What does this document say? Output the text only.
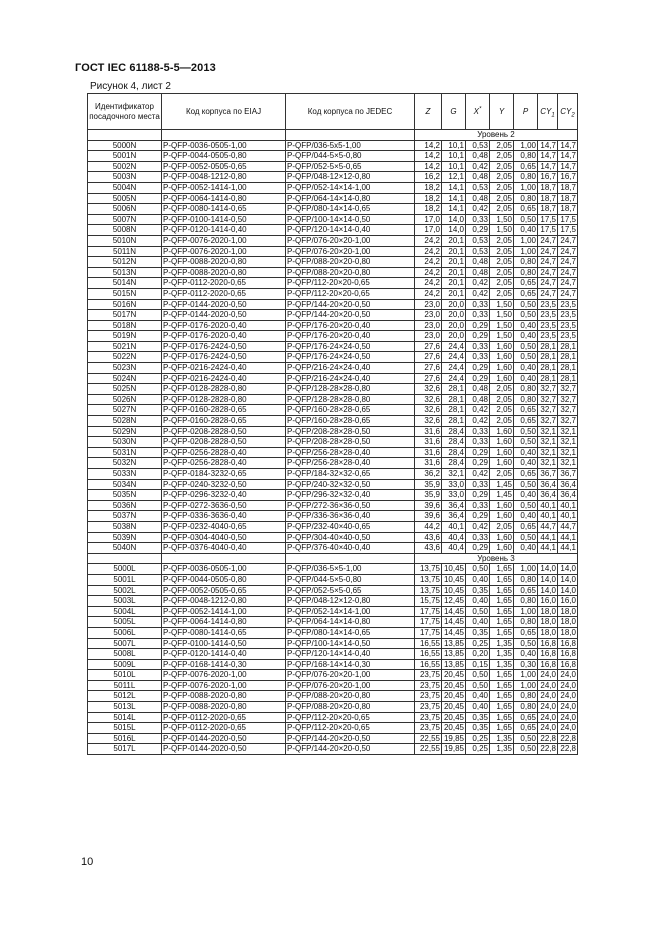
ГОСТ IEC 61188-5-5—2013
Рисунок 4, лист 2
Идентификатор посадочного места	Код корпуса по EIAJ	Код корпуса по JEDEC	Z	G	X*	Y	P	$CY_1$	$CY_2$
			Уровень 2						
5000N	P-QFP-0036-0505-1,00	P-QFP/036-5x5-1,00	14,2	10,1	0,53	2,05	1,00	14,7	14,7
5001N	P-QFP-0044-0505-0,80	P-QFP/044-5×5-0,80	14,2	10,1	0,48	2,05	0,80	14,7	14,7
5002N	P-QFP-0052-0505-0,65	P-QFP/052-5×5-0,65	14,2	10,1	0,42	2,05	0,65	14,7	14,7
5003N	P-QFP-0048-1212-0,80	P-QFP/048-12×12-0,80	16,2	12,1	0,48	2,05	0,80	16,7	16,7
5004N	P-QFP-0052-1414-1,00	P-QFP/052-14×14-1,00	18,2	14,1	0,53	2,05	1,00	18,7	18,7
5005N	P-QFP-0064-1414-0,80	P-QFP/064-14×14-0,80	18,2	14,1	0,48	2,05	0,80	18,7	18,7
5006N	P-QFP-0080-1414-0,65	P-QFP/080-14×14-0,65	18,2	14,1	0,42	2,05	0,65	18,7	18,7
5007N	P-QFP-0100-1414-0,50	P-QFP/100-14×14-0,50	17,0	14,0	0,33	1,50	0,50	17,5	17,5
5008N	P-QFP-0120-1414-0,40	P-QFP/120-14×14-0,40	17,0	14,0	0,29	1,50	0,40	17,5	17,5
5010N	P-QFP-0076-2020-1,00	P-QFP/076-20×20-1,00	24,2	20,1	0,53	2,05	1,00	24,7	24,7
5011N	P-QFP-0076-2020-1,00	P-QFP/076-20×20-1,00	24,2	20,1	0,53	2,05	1,00	24,7	24,7
5012N	P-QFP-0088-2020-0,80	P-QFP/088-20×20-0,80	24,2	20,1	0,48	2,05	0,80	24,7	24,7
5013N	P-QFP-0088-2020-0,80	P-QFP/088-20×20-0,80	24,2	20,1	0,48	2,05	0,80	24,7	24,7
5014N	P-QFP-0112-2020-0,65	P-QFP/112-20×20-0,65	24,2	20,1	0,42	2,05	0,65	24,7	24,7
5015N	P-QFP-0112-2020-0,65	P-QFP/112-20×20-0,65	24,2	20,1	0,42	2,05	0,65	24,7	24,7
5016N	P-QFP-0144-2020-0,50	P-QFP/144-20×20-0,50	23,0	20,0	0,33	1,50	0,50	23,5	23,5
5017N	P-QFP-0144-2020-0,50	P-QFP/144-20×20-0,50	23,0	20,0	0,33	1,50	0,50	23,5	23,5
5018N	P-QFP-0176-2020-0,40	P-QFP/176-20×20-0,40	23,0	20,0	0,29	1,50	0,40	23,5	23,5
5019N	P-QFP-0176-2020-0,40	P-QFP/176-20×20-0,40	23,0	20,0	0,29	1,50	0,40	23,5	23,5
5021N	P-QFP-0176-2424-0,50	P-QFP/176-24×24-0,50	27,6	24,4	0,33	1,60	0,50	28,1	28,1
5022N	P-QFP-0176-2424-0,50	P-QFP/176-24×24-0,50	27,6	24,4	0,33	1,60	0,50	28,1	28,1
5023N	P-QFP-0216-2424-0,40	P-QFP/216-24×24-0,40	27,6	24,4	0,29	1,60	0,40	28,1	28,1
5024N	P-QFP-0216-2424-0,40	P-QFP/216-24×24-0,40	27,6	24,4	0,29	1,60	0,40	28,1	28,1
5025N	P-QFP-0128-2828-0,80	P-QFP/128-28×28-0,80	32,6	28,1	0,48	2,05	0,80	32,7	32,7
5026N	P-QFP-0128-2828-0,80	P-QFP/128-28×28-0,80	32,6	28,1	0,48	2,05	0,80	32,7	32,7
5027N	P-QFP-0160-2828-0,65	P-QFP/160-28×28-0,65	32,6	28,1	0,42	2,05	0,65	32,7	32,7
5028N	P-QFP-0160-2828-0,65	P-QFP/160-28×28-0,65	32,6	28,1	0,42	2,05	0,65	32,7	32,7
5029N	P-QFP-0208-2828-0,50	P-QFP/208-28×28-0,50	31,6	28,4	0,33	1,60	0,50	32,1	32,1
5030N	P-QFP-0208-2828-0,50	P-QFP/208-28×28-0,50	31,6	28,4	0,33	1,60	0,50	32,1	32,1
5031N	P-QFP-0256-2828-0,40	P-QFP/256-28×28-0,40	31,6	28,4	0,29	1,60	0,40	32,1	32,1
5032N	P-QFP-0256-2828-0,40	P-QFP/256-28×28-0,40	31,6	28,4	0,29	1,60	0,40	32,1	32,1
5033N	P-QFP-0184-3232-0,65	P-QFP/184-32×32-0,65	36,2	32,1	0,42	2,05	0,65	36,7	36,7
5034N	P-QFP-0240-3232-0,50	P-QFP/240-32×32-0,50	35,9	33,0	0,33	1,45	0,50	36,4	36,4
5035N	P-QFP-0296-3232-0,40	P-QFP/296-32×32-0,40	35,9	33,0	0,29	1,45	0,40	36,4	36,4
5036N	P-QFP-0272-3636-0,50	P-QFP/272-36×36-0,50	39,6	36,4	0,33	1,60	0,50	40,1	40,1
5037N	P-QFP-0336-3636-0,40	P-QFP/336-36×36-0,40	39,6	36,4	0,29	1,60	0,40	40,1	40,1
5038N	P-QFP-0232-4040-0,65	P-QFP/232-40×40-0,65	44,2	40,1	0,42	2,05	0,65	44,7	44,7
5039N	P-QFP-0304-4040-0,50	P-QFP/304-40×40-0,50	43,6	40,4	0,33	1,60	0,50	44,1	44,1
5040N	P-QFP-0376-4040-0,40	P-QFP/376-40×40-0,40	43,6	40,4	0,29	1,60	0,40	44,1	44,1
			Уровень 3						
5000L	P-QFP-0036-0505-1,00	P-QFP/036-5×5-1,00	13,75	10,45	0,50	1,65	1,00	14,0	14,0
5001L	P-QFP-0044-0505-0,80	P-QFP/044-5×5-0,80	13,75	10,45	0,40	1,65	0,80	14,0	14,0
5002L	P-QFP-0052-0505-0,65	P-QFP/052-5×5-0,65	13,75	10,45	0,35	1,65	0,65	14,0	14,0
5003L	P-QFP-0048-1212-0,80	P-QFP/048-12×12-0,80	15,75	12,45	0,40	1,65	0,80	16,0	16,0
5004L	P-QFP-0052-1414-1,00	P-QFP/052-14×14-1,00	17,75	14,45	0,50	1,65	1,00	18,0	18,0
5005L	P-QFP-0064-1414-0,80	P-QFP/064-14×14-0,80	17,75	14,45	0,40	1,65	0,80	18,0	18,0
5006L	P-QFP-0080-1414-0,65	P-QFP/080-14×14-0,65	17,75	14,45	0,35	1,65	0,65	18,0	18,0
5007L	P-QFP-0100-1414-0,50	P-QFP/100-14×14-0,50	16,55	13,85	0,25	1,35	0,50	16,8	16,8
5008L	P-QFP-0120-1414-0,40	P-QFP/120-14×14-0,40	16,55	13,85	0,20	1,35	0,40	16,8	16,8
5009L	P-QFP-0168-1414-0,30	P-QFP/168-14×14-0,30	16,55	13,85	0,15	1,35	0,30	16,8	16,8
5010L	P-QFP-0076-2020-1,00	P-QFP/076-20×20-1,00	23,75	20,45	0,50	1,65	1,00	24,0	24,0
5011L	P-QFP-0076-2020-1,00	P-QFP/076-20×20-1,00	23,75	20,45	0,50	1,65	1,00	24,0	24,0
5012L	P-QFP-0088-2020-0,80	P-QFP/088-20×20-0,80	23,75	20,45	0,40	1,65	0,80	24,0	24,0
5013L	P-QFP-0088-2020-0,80	P-QFP/088-20×20-0,80	23,75	20,45	0,40	1,65	0,80	24,0	24,0
5014L	P-QFP-0112-2020-0,65	P-QFP/112-20×20-0,65	23,75	20,45	0,35	1,65	0,65	24,0	24,0
5015L	P-QFP-0112-2020-0,65	P-QFP/112-20×20-0,65	23,75	20,45	0,35	1,65	0,65	24,0	24,0
5016L	P-QFP-0144-2020-0,50	P-QFP/144-20×20-0,50	22,55	19,85	0,25	1,35	0,50	22,8	22,8
5017L	P-QFP-0144-2020-0,50	P-QFP/144-20×20-0,50	22,55	19,85	0,25	1,35	0,50	22,8	22,8
10
